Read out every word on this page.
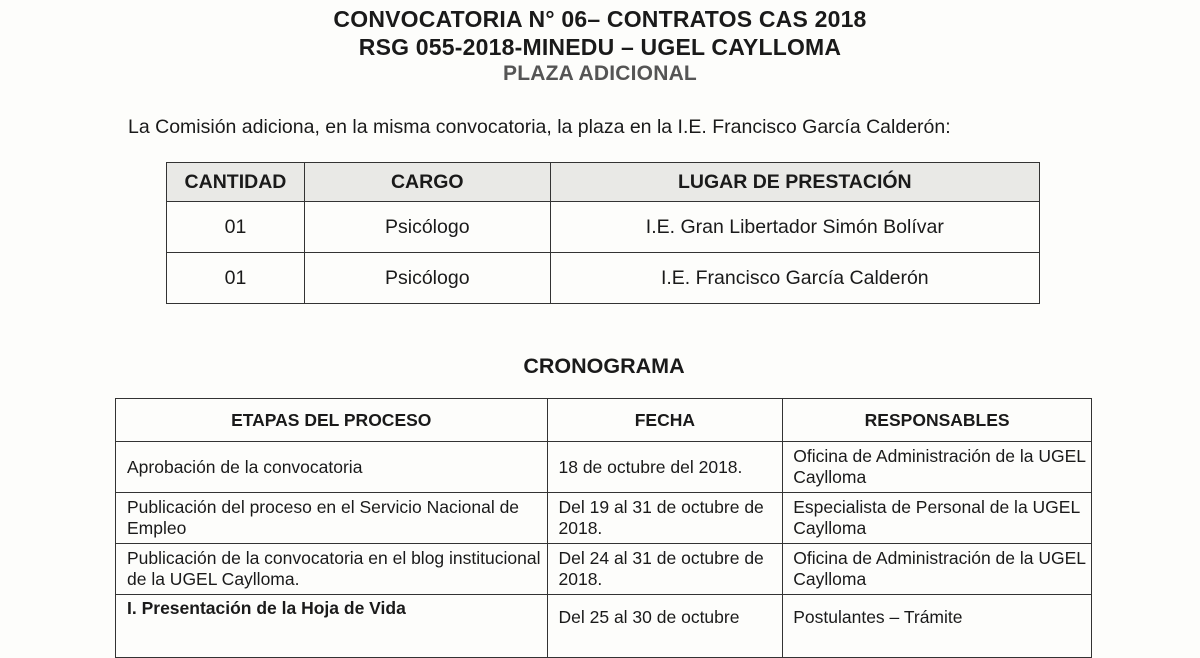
CONVOCATORIA N° 06– CONTRATOS CAS 2018
RSG 055-2018-MINEDU – UGEL CAYLLOMA
PLAZA ADICIONAL
La Comisión adiciona, en la misma convocatoria, la plaza en la I.E. Francisco García Calderón:
CANTIDAD	CARGO	LUGAR DE PRESTACIÓN
01	Psicólogo	I.E. Gran Libertador Simón Bolívar
01	Psicólogo	I.E. Francisco García Calderón
CRONOGRAMA
ETAPAS DEL PROCESO	FECHA	RESPONSABLES
Aprobación de la convocatoria	18 de octubre del 2018.	Oficina de Administración de la UGEL Caylloma
Publicación del proceso en el Servicio Nacional de Empleo	Del 19 al 31 de octubre de 2018.	Especialista de Personal de la UGEL Caylloma
Publicación de la convocatoria en el blog institucional de la UGEL Caylloma.	Del 24 al 31 de octubre de 2018.	Oficina de Administración de la UGEL Caylloma

I. Presentación de la Hoja de Vida	Del 25 al 30 de octubre	Postulantes – Trámite
